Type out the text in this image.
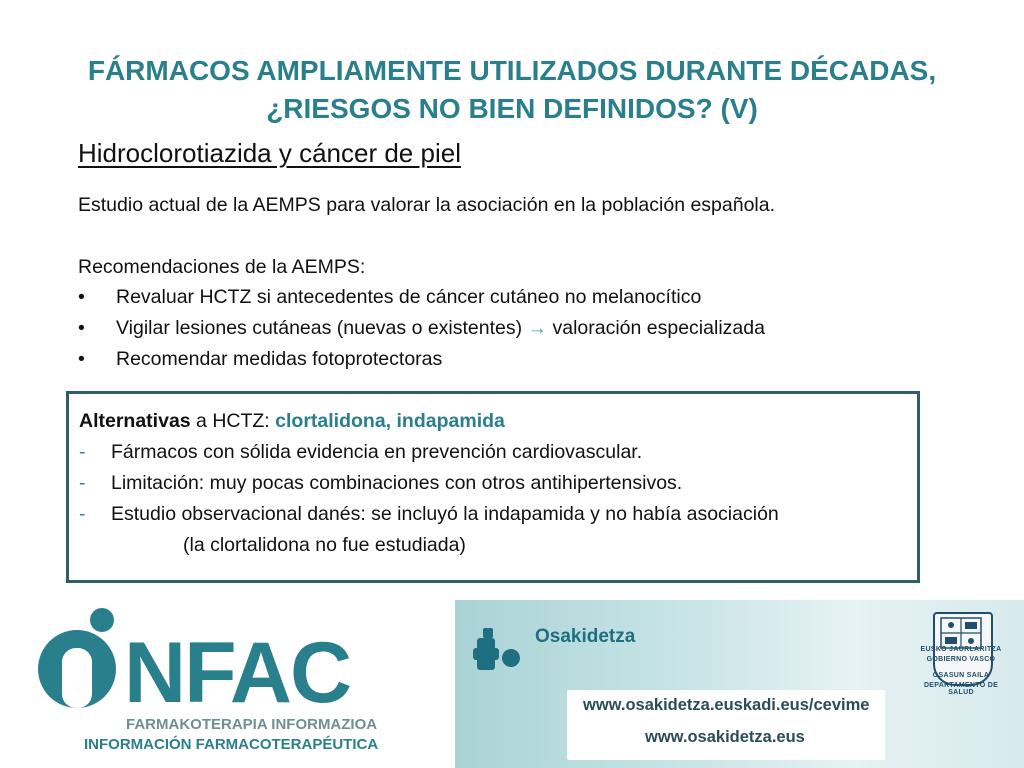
FÁRMACOS AMPLIAMENTE UTILIZADOS DURANTE DÉCADAS,
¿RIESGOS NO BIEN DEFINIDOS? (V)
Hidroclorotiazida y cáncer de piel
Estudio actual de la AEMPS para valorar la asociación en la población española.
Recomendaciones de la AEMPS:
•	Revaluar HCTZ si antecedentes de cáncer cutáneo no melanocítico
•	Vigilar lesiones cutáneas (nuevas o existentes) → valoración especializada
•	Recomendar medidas fotoprotectoras
Alternativas a HCTZ: clortalidona, indapamida
-	Fármacos con sólida evidencia en prevención cardiovascular.
-	Limitación: muy pocas combinaciones con otros antihipertensivos.
-	Estudio observacional danés: se incluyó la indapamida y no había asociación
(la clortalidona no fue estudiada)
NFAC
FARMAKOTERAPIA INFORMAZIOA
INFORMACIÓN FARMACOTERAPÉUTICA
Osakidetza
www.osakidetza.euskadi.eus/cevime
www.osakidetza.eus
EUSKO JAURLARITZA
GOBIERNO VASCO
OSASUN SAILA
DEPARTAMENTO DE SALUD
